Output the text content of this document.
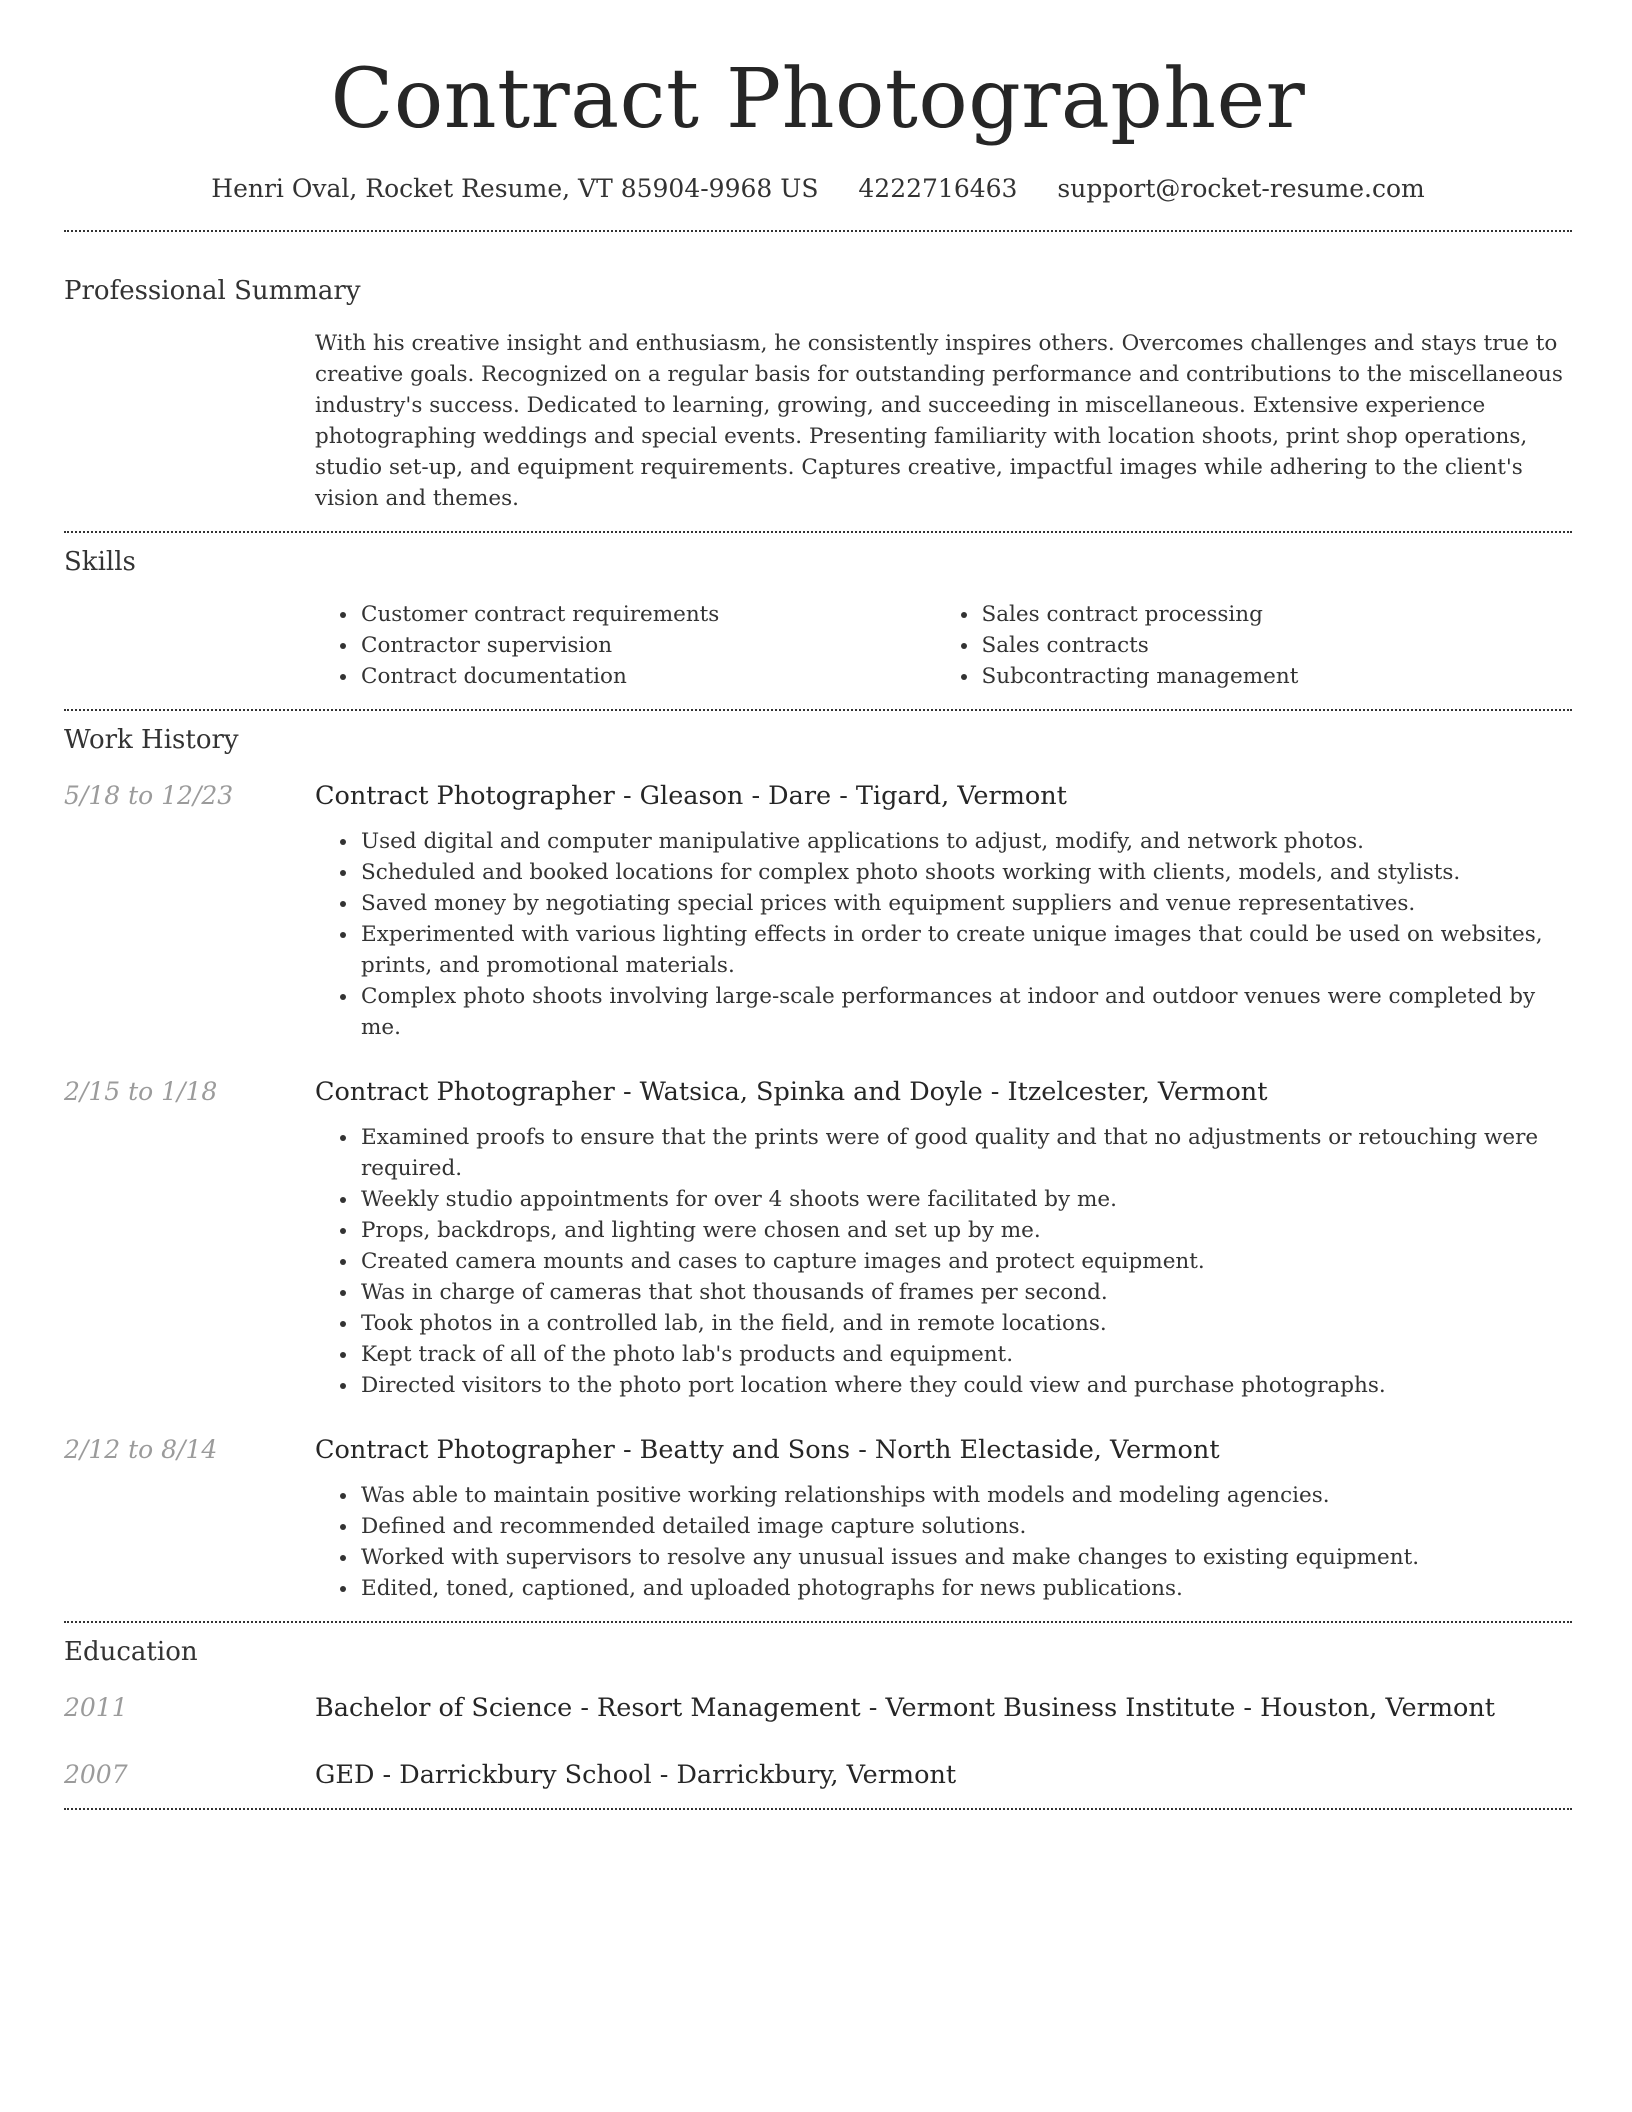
Contract Photographer
Henri Oval, Rocket Resume, VT 85904-9968 US 4222716463 support@rocket-resume.com
Professional Summary
With his creative insight and enthusiasm, he consistently inspires others. Overcomes challenges and stays true to creative goals. Recognized on a regular basis for outstanding performance and contributions to the miscellaneous industry's success. Dedicated to learning, growing, and succeeding in miscellaneous. Extensive experience photographing weddings and special events. Presenting familiarity with location shoots, print shop operations, studio set-up, and equipment requirements. Captures creative, impactful images while adhering to the client's vision and themes.
Skills
• Customer contract requirements
• Contractor supervision
• Contract documentation
• Sales contract processing
• Sales contracts
• Subcontracting management
Work History
5/18 to 12/23	Contract Photographer - Gleason - Dare - Tigard, Vermont
• Used digital and computer manipulative applications to adjust, modify, and network photos.
• Scheduled and booked locations for complex photo shoots working with clients, models, and stylists.
• Saved money by negotiating special prices with equipment suppliers and venue representatives.
• Experimented with various lighting effects in order to create unique images that could be used on websites, prints, and promotional materials.
• Complex photo shoots involving large-scale performances at indoor and outdoor venues were completed by me.
2/15 to 1/18	Contract Photographer - Watsica, Spinka and Doyle - Itzelcester, Vermont
• Examined proofs to ensure that the prints were of good quality and that no adjustments or retouching were required.
• Weekly studio appointments for over 4 shoots were facilitated by me.
• Props, backdrops, and lighting were chosen and set up by me.
• Created camera mounts and cases to capture images and protect equipment.
• Was in charge of cameras that shot thousands of frames per second.
• Took photos in a controlled lab, in the field, and in remote locations.
• Kept track of all of the photo lab's products and equipment.
• Directed visitors to the photo port location where they could view and purchase photographs.
2/12 to 8/14	Contract Photographer - Beatty and Sons - North Electaside, Vermont
• Was able to maintain positive working relationships with models and modeling agencies.
• Defined and recommended detailed image capture solutions.
• Worked with supervisors to resolve any unusual issues and make changes to existing equipment.
• Edited, toned, captioned, and uploaded photographs for news publications.
Education
2011	Bachelor of Science - Resort Management - Vermont Business Institute - Houston, Vermont
2007	GED - Darrickbury School - Darrickbury, Vermont
